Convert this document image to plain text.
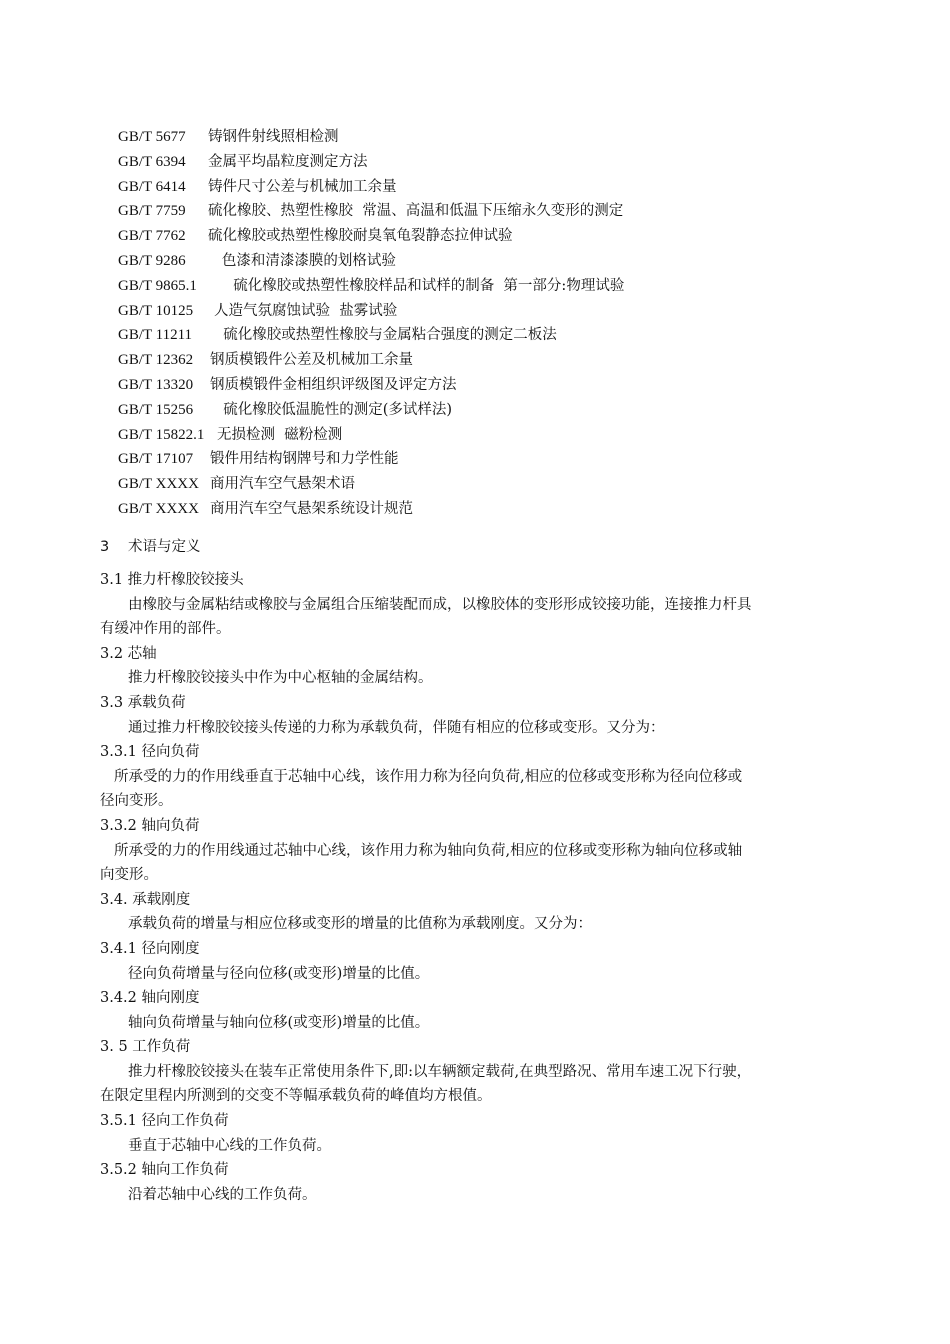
GB/T 5677 铸钢件射线照相检测
GB/T 6394 金属平均晶粒度测定方法
GB/T 6414 铸件尺寸公差与机械加工余量
GB/T 7759 硫化橡胶、热塑性橡胶  常温、高温和低温下压缩永久变形的测定
GB/T 7762 硫化橡胶或热塑性橡胶耐臭氧龟裂静态拉伸试验
GB/T 9286   色漆和清漆漆膜的划格试验
GB/T 9865.1  硫化橡胶或热塑性橡胶样品和试样的制备  第一部分:物理试验
GB/T 10125 人造气氛腐蚀试验  盐雾试验
GB/T 11211  硫化橡胶或热塑性橡胶与金属粘合强度的测定二板法
GB/T 12362 钢质模锻件公差及机械加工余量
GB/T 13320 钢质模锻件金相组织评级图及评定方法
GB/T 15256  硫化橡胶低温脆性的测定(多试样法)
GB/T 15822.1 无损检测  磁粉检测
GB/T 17107 锻件用结构钢牌号和力学性能
GB/T XXXX 商用汽车空气悬架术语
GB/T XXXX 商用汽车空气悬架系统设计规范
3 术语与定义
3.1 推力杆橡胶铰接头
由橡胶与金属粘结或橡胶与金属组合压缩装配而成，以橡胶体的变形形成铰接功能，连接推力杆具
有缓冲作用的部件。
3.2 芯轴
推力杆橡胶铰接头中作为中心枢轴的金属结构。
3.3 承载负荷
通过推力杆橡胶铰接头传递的力称为承载负荷，伴随有相应的位移或变形。又分为：
3.3.1 径向负荷
所承受的力的作用线垂直于芯轴中心线，该作用力称为径向负荷,相应的位移或变形称为径向位移或
径向变形。
3.3.2 轴向负荷
所承受的力的作用线通过芯轴中心线，该作用力称为轴向负荷,相应的位移或变形称为轴向位移或轴
向变形。
3.4. 承载刚度
承载负荷的增量与相应位移或变形的增量的比值称为承载刚度。又分为：
3.4.1 径向刚度
径向负荷增量与径向位移(或变形)增量的比值。
3.4.2 轴向刚度
轴向负荷增量与轴向位移(或变形)增量的比值。
3. 5 工作负荷
推力杆橡胶铰接头在装车正常使用条件下,即:以车辆额定载荷,在典型路况、常用车速工况下行驶，
在限定里程内所测到的交变不等幅承载负荷的峰值均方根值。
3.5.1 径向工作负荷
垂直于芯轴中心线的工作负荷。
3.5.2 轴向工作负荷
沿着芯轴中心线的工作负荷。
